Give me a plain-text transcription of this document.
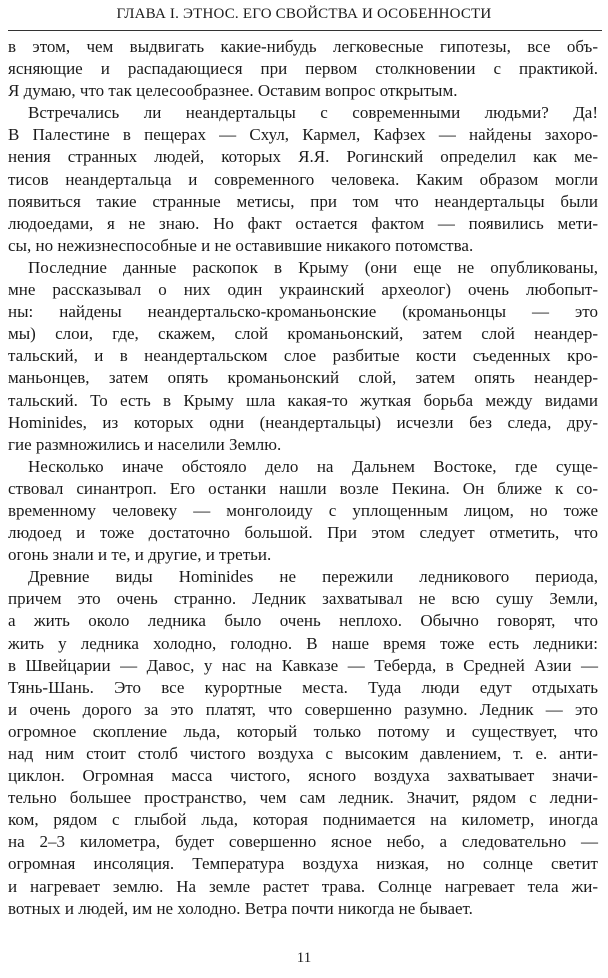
ГЛАВА I. ЭТНОС. ЕГО СВОЙСТВА И ОСОБЕННОСТИ
в этом, чем выдвигать какие-нибудь легковесные гипотезы, все объ-
ясняющие и распадающиеся при первом столкновении с практикой.
Я думаю, что так целесообразнее. Оставим вопрос открытым.
Встречались ли неандертальцы с современными людьми? Да!
В Палестине в пещерах — Схул, Кармел, Кафзех — найдены захоро-
нения странных людей, которых Я.Я. Рогинский определил как ме-
тисов неандертальца и современного человека. Каким образом могли
появиться такие странные метисы, при том что неандертальцы были
людоедами, я не знаю. Но факт остается фактом — появились мети-
сы, но нежизнеспособные и не оставившие никакого потомства.
Последние данные раскопок в Крыму (они еще не опубликованы,
мне рассказывал о них один украинский археолог) очень любопыт-
ны: найдены неандертальско-кроманьонские (кроманьонцы — это
мы) слои, где, скажем, слой кроманьонский, затем слой неандер-
тальский, и в неандертальском слое разбитые кости съеденных кро-
маньонцев, затем опять кроманьонский слой, затем опять неандер-
тальский. То есть в Крыму шла какая-то жуткая борьба между видами
Hominides, из которых одни (неандертальцы) исчезли без следа, дру-
гие размножились и населили Землю.
Несколько иначе обстояло дело на Дальнем Востоке, где суще-
ствовал синантроп. Его останки нашли возле Пекина. Он ближе к со-
временному человеку — монголоиду с уплощенным лицом, но тоже
людоед и тоже достаточно большой. При этом следует отметить, что
огонь знали и те, и другие, и третьи.
Древние виды Hominides не пережили ледникового периода,
причем это очень странно. Ледник захватывал не всю сушу Земли,
а жить около ледника было очень неплохо. Обычно говорят, что
жить у ледника холодно, голодно. В наше время тоже есть ледники:
в Швейцарии — Давос, у нас на Кавказе — Теберда, в Средней Азии —
Тянь-Шань. Это все курортные места. Туда люди едут отдыхать
и очень дорого за это платят, что совершенно разумно. Ледник — это
огромное скопление льда, который только потому и существует, что
над ним стоит столб чистого воздуха с высоким давлением, т. е. анти-
циклон. Огромная масса чистого, ясного воздуха захватывает значи-
тельно большее пространство, чем сам ледник. Значит, рядом с ледни-
ком, рядом с глыбой льда, которая поднимается на километр, иногда
на 2–3 километра, будет совершенно ясное небо, а следовательно —
огромная инсоляция. Температура воздуха низкая, но солнце светит
и нагревает землю. На земле растет трава. Солнце нагревает тела жи-
вотных и людей, им не холодно. Ветра почти никогда не бывает.
11
